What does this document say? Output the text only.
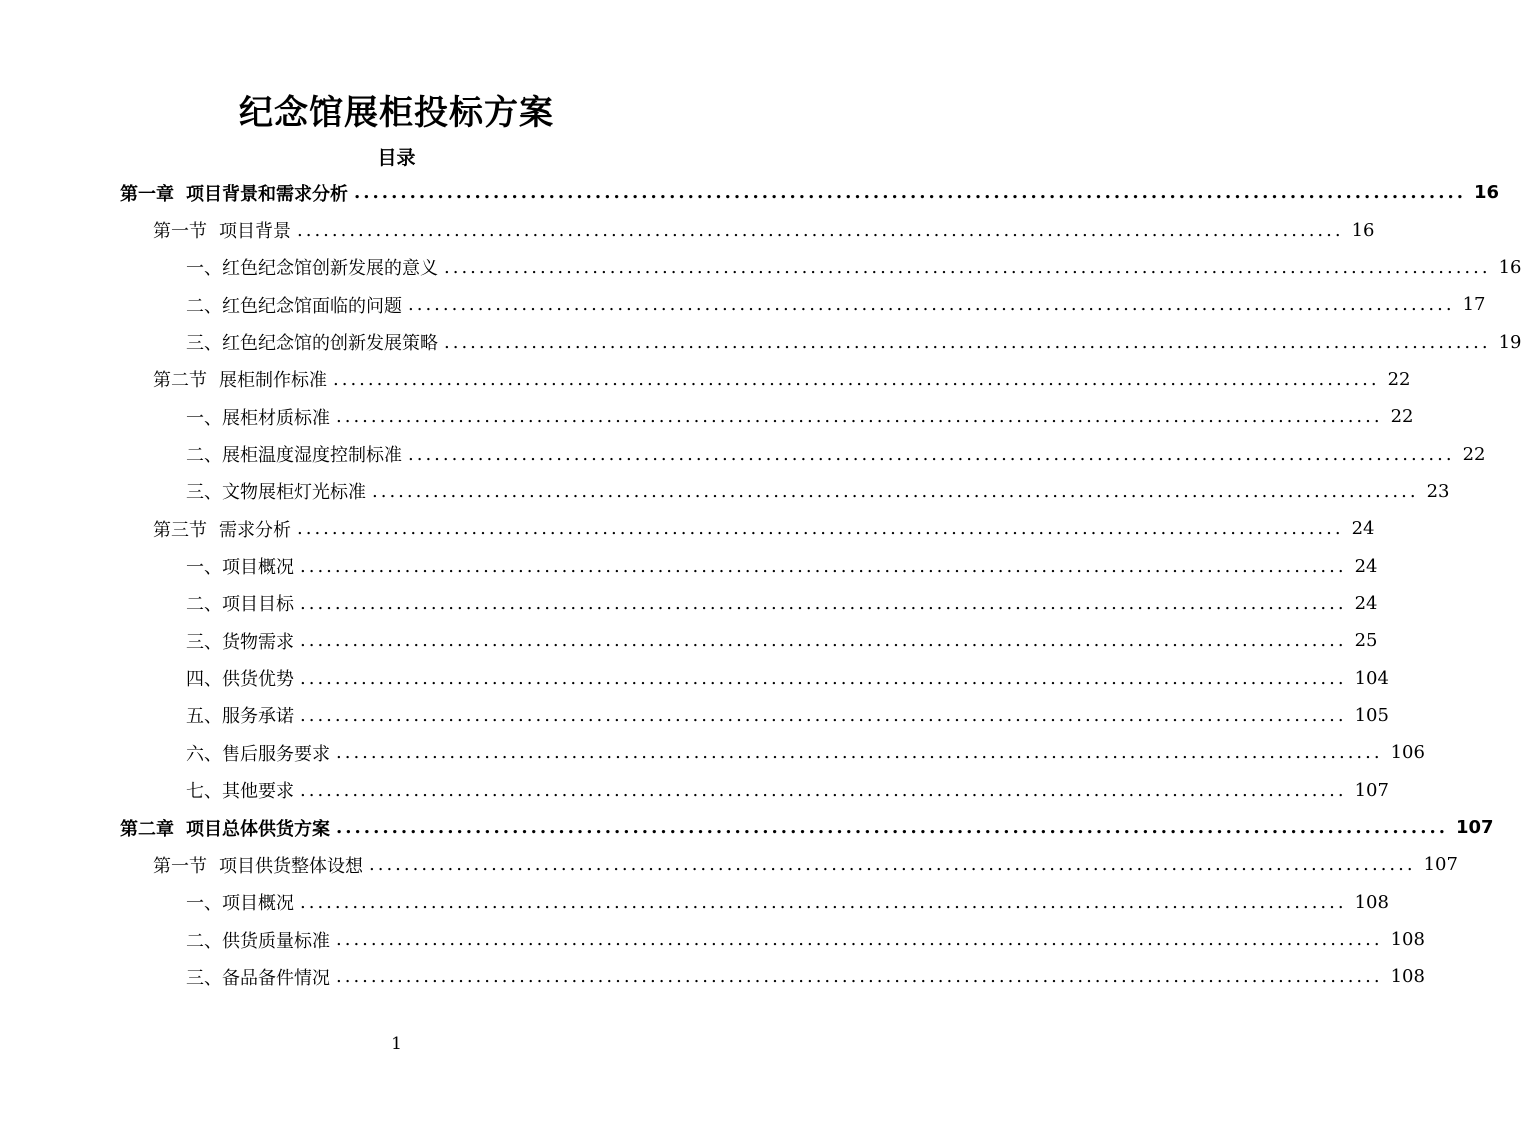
纪念馆展柜投标方案
目录
第一章 项目背景和需求分析 ........................................................................................................................ 16
第一节 项目背景 ........................................................................................................................ 16
一、红色纪念馆创新发展的意义 ........................................................................................................................ 16
二、红色纪念馆面临的问题 ........................................................................................................................ 17
三、红色纪念馆的创新发展策略 ........................................................................................................................ 19
第二节 展柜制作标准 ........................................................................................................................ 22
一、展柜材质标准 ........................................................................................................................ 22
二、展柜温度湿度控制标准 ........................................................................................................................ 22
三、文物展柜灯光标准 ........................................................................................................................ 23
第三节 需求分析 ........................................................................................................................ 24
一、项目概况 ........................................................................................................................ 24
二、项目目标 ........................................................................................................................ 24
三、货物需求 ........................................................................................................................ 25
四、供货优势 ........................................................................................................................ 104
五、服务承诺 ........................................................................................................................ 105
六、售后服务要求 ........................................................................................................................ 106
七、其他要求 ........................................................................................................................ 107
第二章 项目总体供货方案 ........................................................................................................................ 107
第一节 项目供货整体设想 ........................................................................................................................ 107
一、项目概况 ........................................................................................................................ 108
二、供货质量标准 ........................................................................................................................ 108
三、备品备件情况 ........................................................................................................................ 108
1
